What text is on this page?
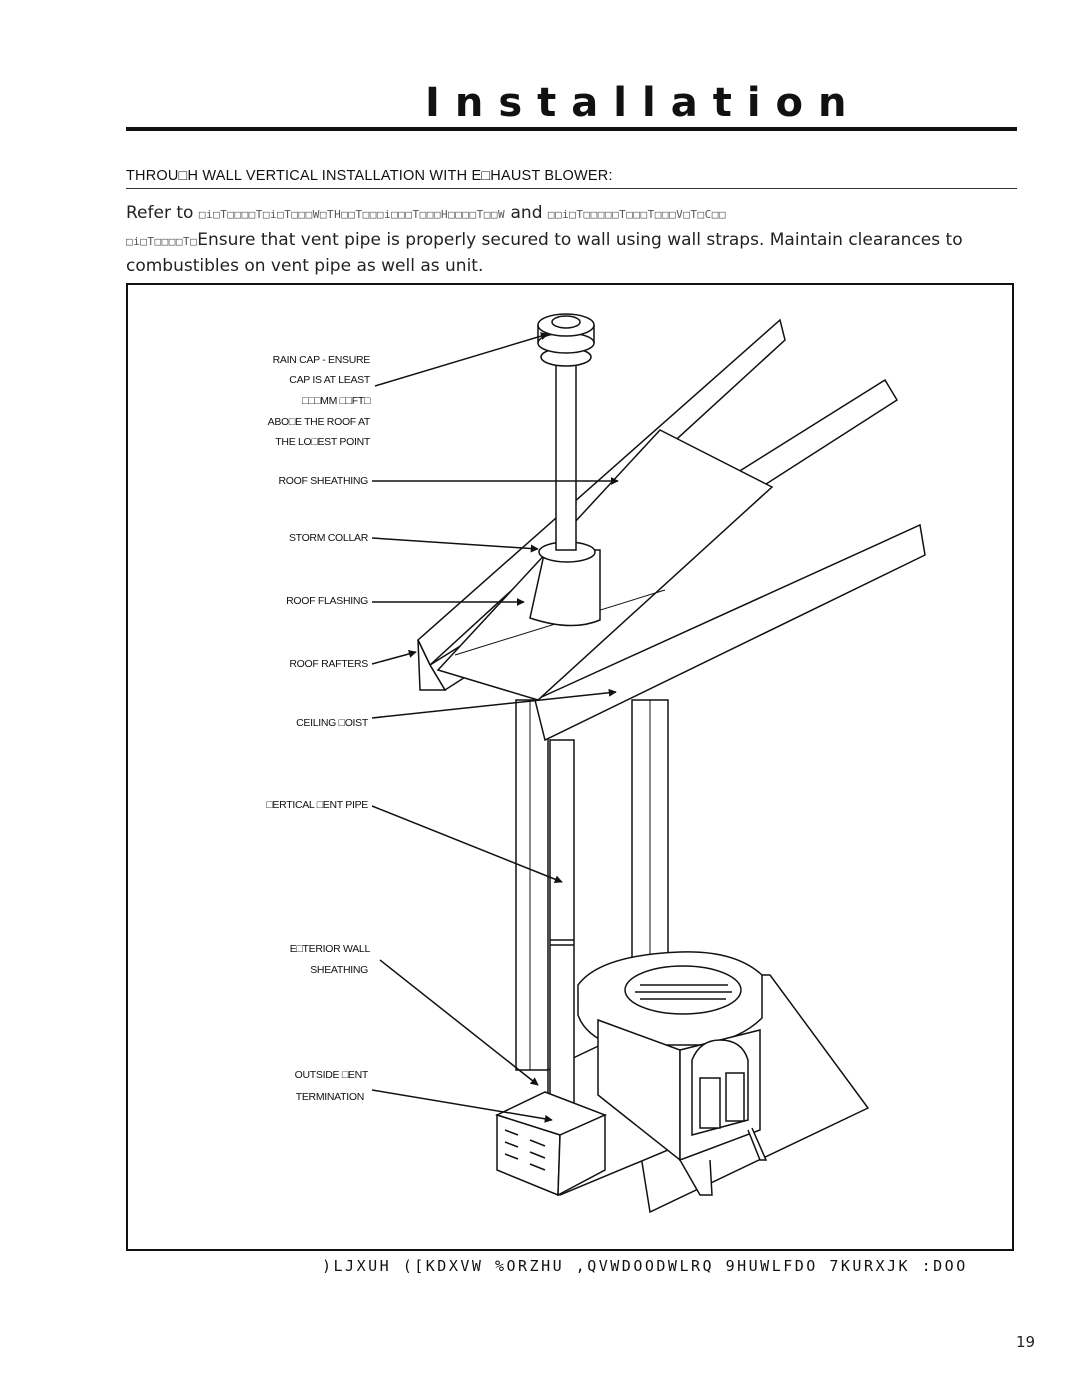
Installation
THROU□H WALL VERTICAL INSTALLATION WITH E□HAUST BLOWER:
Refer to □i□T□□□□T□i□T□□□W□TH□□T□□□i□□□T□□□H□□□□T□□W and □□i□T□□□□□T□□□T□□□V□T□C□□
□i□T□□□□T□Ensure that vent pipe is properly secured to wall using wall straps. Maintain clearances to
combustibles on vent pipe as well as unit.
RAIN CAP - ENSURE
CAP IS AT LEAST
□□□MM □□FT□
ABO□E THE ROOF AT
THE LO□EST POINT
ROOF SHEATHING
STORM COLLAR
ROOF FLASHING
ROOF RAFTERS
CEILING □OIST
□ERTICAL □ENT PIPE
E□TERIOR WALL
SHEATHING
OUTSIDE □ENT
TERMINATION
)LJXUH ([KDXVW %ORZHU ,QVWDOODWLRQ 9HUWLFDO 7KURXJK :DOO
19
